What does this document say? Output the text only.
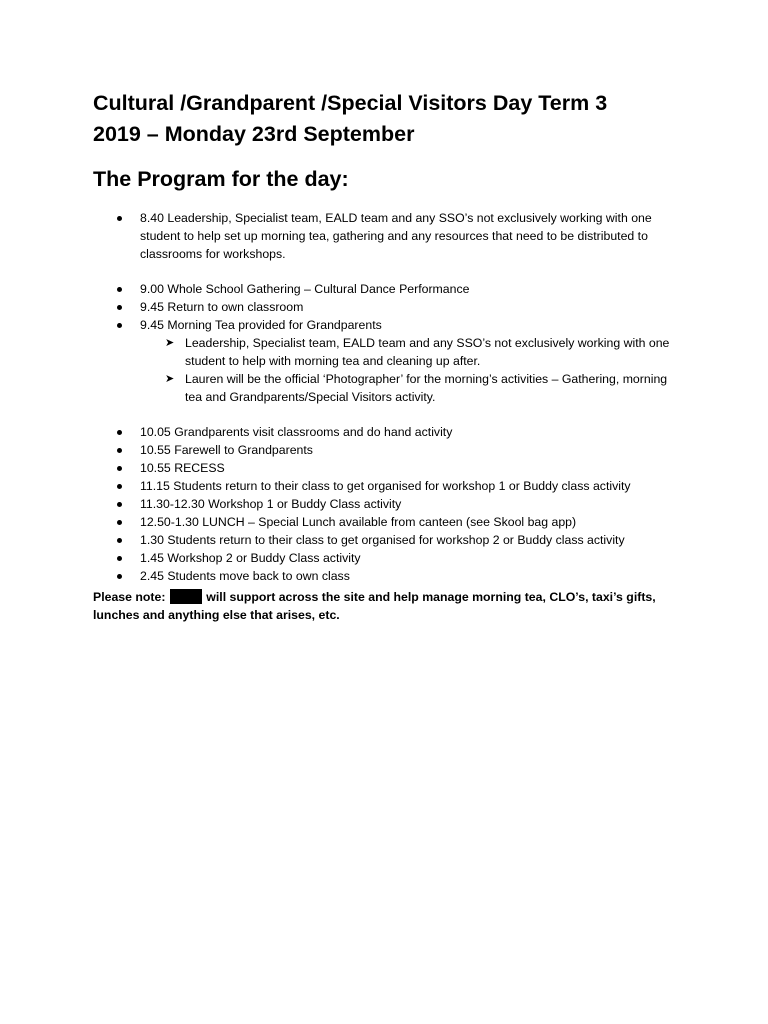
Cultural /Grandparent /Special Visitors Day Term 3
2019 – Monday 23rd September
The Program for the day:
8.40 Leadership, Specialist team, EALD team and any SSO’s not exclusively working with one student to help set up morning tea, gathering and any resources that need to be distributed to classrooms for workshops.
9.00 Whole School Gathering – Cultural Dance Performance
9.45 Return to own classroom
9.45 Morning Tea provided for Grandparents
➤ Leadership, Specialist team, EALD team and any SSO’s not exclusively working with one student to help with morning tea and cleaning up after.
➤ Lauren will be the official ‘Photographer’ for the morning’s activities – Gathering, morning tea and Grandparents/Special Visitors activity.
10.05 Grandparents visit classrooms and do hand activity
10.55 Farewell to Grandparents
10.55 RECESS
11.15 Students return to their class to get organised for workshop 1 or Buddy class activity
11.30-12.30 Workshop 1 or Buddy Class activity
12.50-1.30 LUNCH – Special Lunch available from canteen (see Skool bag app)
1.30 Students return to their class to get organised for workshop 2 or Buddy class activity
1.45 Workshop 2 or Buddy Class activity
2.45 Students move back to own class

Please note:	will support across the site and help manage morning tea, CLO’s, taxi’s gifts, lunches and anything else that arises, etc.
